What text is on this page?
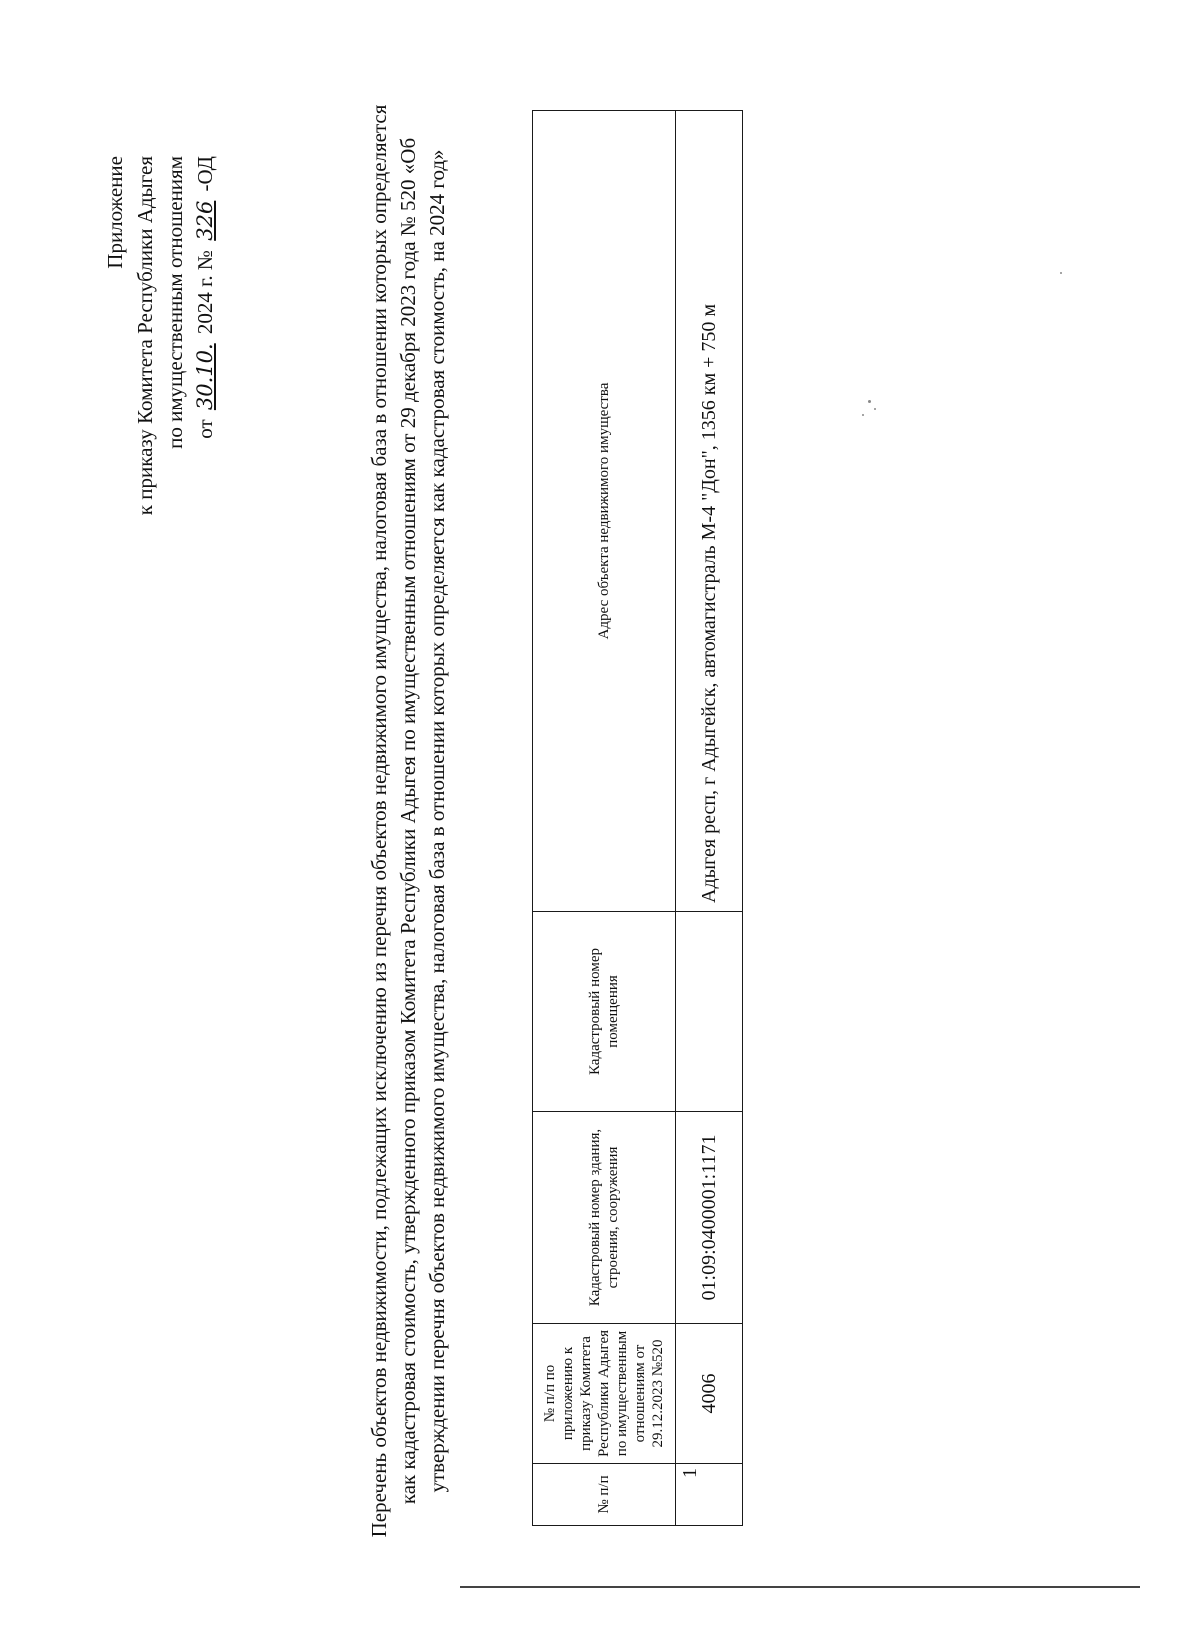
Приложение к приказу Комитета Республики Адыгея по имущественным отношениям от 30.10. 2024 г. № 326 -ОД	Перечень объектов недвижимости, подлежащих исключению из перечня объектов недвижимого имущества, налоговая база в отношении которых определяется как кадастровая стоимость, утвержденного приказом Комитета Республики Адыгея по имущественным отношениям от 29 декабря 2023 года № 520 «Об утверждении перечня объектов недвижимого имущества, налоговая база в отношении которых определяется как кадастровая стоимость, на 2024 год»
№ п/п	№ п/п по приложению к приказу Комитета Республики Адыгея по имущественным отношениям от 29.12.2023 №520	Кадастровый номер здания, строения, сооружения	Кадастровый номер помещения	Адрес объекта недвижимого имущества
1	4006	01:09:0400001:1171		Адыгея респ, г Адыгейск, автомагистраль М-4 "Дон", 1356 км + 750 м
